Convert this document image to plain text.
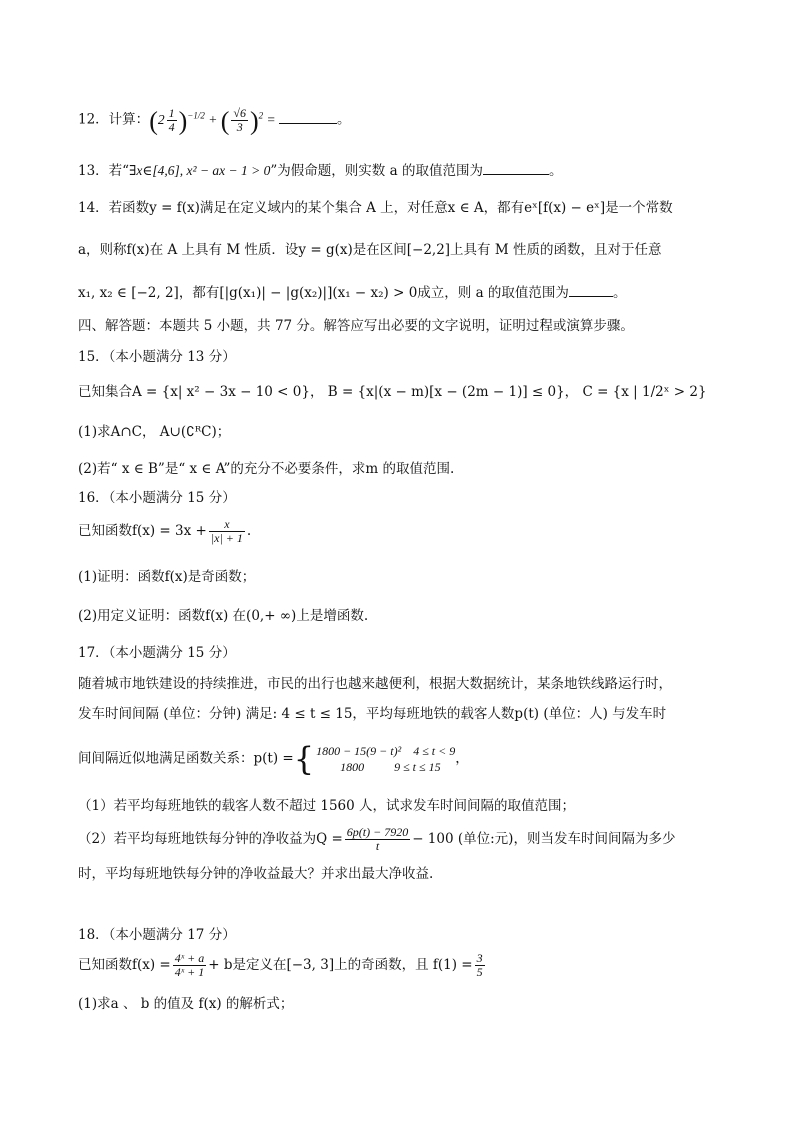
12．计算：$(2 \frac{1}{4} )^{-1/2}$ + ( $\frac{√6}{3} )^2$ =	。
13．若“∃x∈[4,6], x² − ax − 1 > 0”为假命题，则实数 a 的取值范围为	。
14．若函数y = f(x)满足在定义域内的某个集合 A 上，对任意x ∈ A，都有eˣ[f(x) − eˣ]是一个常数
a，则称f(x)在 A 上具有 M 性质．设y = g(x)是在区间[−2,2]上具有 M 性质的函数，且对于任意
x₁, x₂ ∈ [−2, 2]，都有[|g(x₁)| − |g(x₂)|](x₁ − x₂) > 0成立，则 a 的取值范围为	。
四、解答题：本题共 5 小题，共 77 分。解答应写出必要的文字说明，证明过程或演算步骤。
15．（本小题满分 13 分）
已知集合A = {x| x² − 3x − 10 < 0}， B = {x|(x − m)[x − (2m − 1)] ≤ 0}， C = {x | 1/2ˣ > 2}
(1)求A∩C， A∪(∁ᴿC)；
(2)若“ x ∈ B”是“ x ∈ A”的充分不必要条件，求m 的取值范围.
16．（本小题满分 15 分）
已知函数$f(x) = 3x + \frac{x}{|x| + 1}$ .
(1)证明：函数f(x)是奇函数；
(2)用定义证明：函数f(x) 在(0,+ ∞)上是增函数.
17．（本小题满分 15 分）
随着城市地铁建设的持续推进，市民的出行也越来越便利，根据大数据统计，某条地铁线路运行时，
发车时间间隔 (单位：分钟) 满足: 4 ≤ t ≤ 15，平均每班地铁的载客人数p(t) (单位：人) 与发车时
间间隔近似地满足函数关系：p(t) ={ 1800 − 15(9 − t)² 4 ≤ t < 9
1800	9 ≤ t ≤ 15，
（1）若平均每班地铁的载客人数不超过 1560 人，试求发车时间间隔的取值范围；
（2）若平均每班地铁每分钟的净收益为$Q = \frac{6p(t) - 7920}{t} - 100$ (单位:元)，则当发车时间间隔为多少
时，平均每班地铁每分钟的净收益最大？并求出最大净收益.
18．（本小题满分 17 分）
已知函数$f(x) = \frac{\text{4ˣ + a}}{\text{4ˣ + 1}} + b$是定义在[−3, 3]上的奇函数，且 $f(1) = \frac{3}{5}$
(1)求a 、 b 的值及 f(x) 的解析式；
